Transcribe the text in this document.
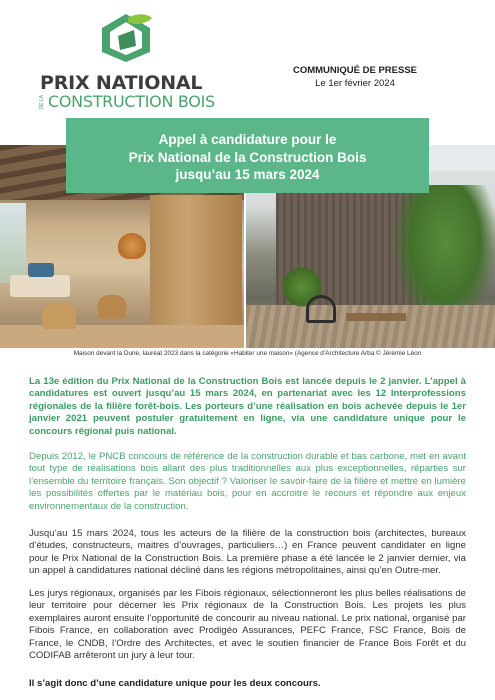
PRIX NATIONAL
DE LA CONSTRUCTION BOIS
COMMUNIQUÉ DE PRESSE
Le 1er février 2024
Appel à candidature pour le
Prix National de la Construction Bois
jusqu’au 15 mars 2024
Maison devant la Dune, lauréat 2023 dans la catégorie «Habiter une maison» (Agence d’Architecture Arba © Jérémie Léon
La 13e édition du Prix National de la Construction Bois est lancée depuis le 2 janvier. L’appel à candidatures est ouvert jusqu’au 15 mars 2024, en partenariat avec les 12 Interprofessions régionales de la filière forêt-bois. Les porteurs d’une réalisation en bois achevée depuis le 1er janvier 2021 peuvent postuler gratuitement en ligne, via une candidature unique pour le concours régional puis national.
Depuis 2012, le PNCB concours de référence de la construction durable et bas carbone, met en avant tout type de réalisations bois allant des plus traditionnelles aux plus exceptionnelles, réparties sur l’ensemble du territoire français. Son objectif ? Valoriser le savoir-faire de la filière et mettre en lumière les possibilités offertes par le matériau bois, pour en accroitre le recours et répondre aux enjeux environnementaux de la construction.
Jusqu’au 15 mars 2024, tous les acteurs de la filière de la construction bois (architectes, bureaux d’études, constructeurs, maitres d’ouvrages, particuliers…) en France peuvent candidater en ligne pour le Prix National de la Construction Bois. La première phase a été lancée le 2 janvier dernier, via un appel à candidatures national décliné dans les régions métropolitaines, ainsi qu’en Outre-mer.
Les jurys régionaux, organisés par les Fibois régionaux, sélectionneront les plus belles réalisations de leur territoire pour décerner les Prix régionaux de la Construction Bois. Les projets les plus exemplaires auront ensuite l’opportunité de concourir au niveau national. Le prix national, organisé par Fibois France, en collaboration avec Prodigéo Assurances, PEFC France, FSC France, Bois de France, le CNDB, l’Ordre des Architectes, et avec le soutien financier de France Bois Forêt et du CODIFAB arrêteront un jury à leur tour.
Il s’agit donc d’une candidature unique pour les deux concours.
